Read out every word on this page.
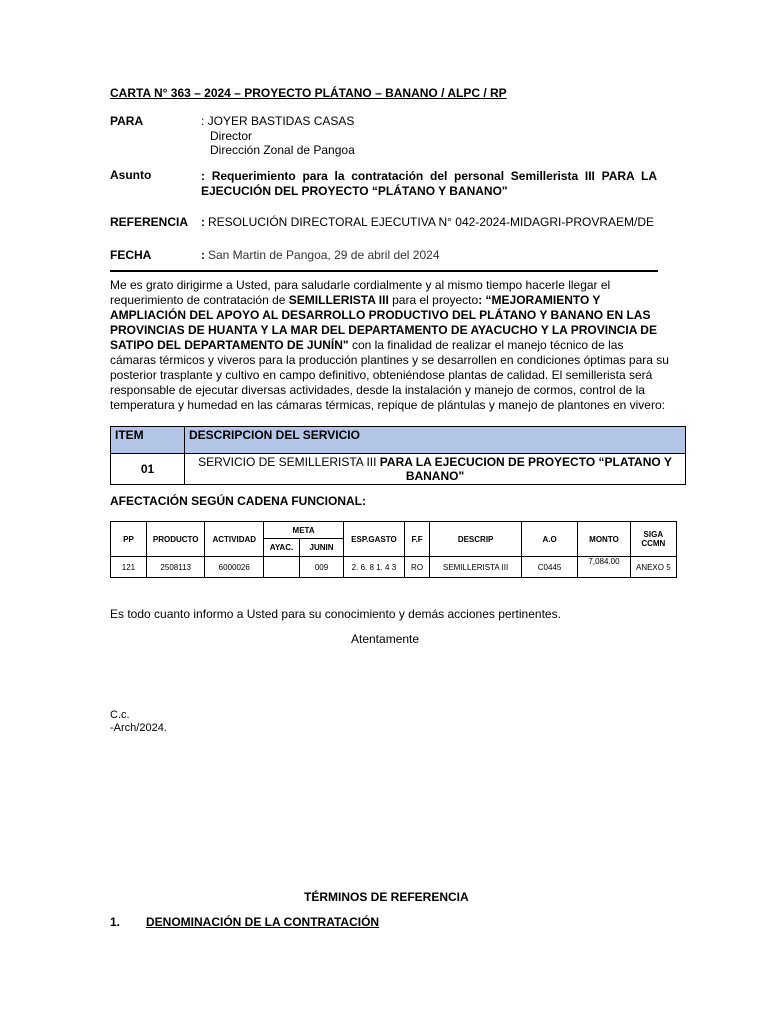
CARTA N° 363 – 2024 – PROYECTO PLÁTANO – BANANO / ALPC / RP
PARA	: JOYER BASTIDAS CASAS
Director
Dirección Zonal de Pangoa
Asunto	: Requerimiento para la contratación del personal Semillerista III PARA LA EJECUCIÓN DEL PROYECTO “PLÁTANO Y BANANO"
REFERENCIA : RESOLUCIÓN DIRECTORAL EJECUTIVA N° 042-2024-MIDAGRI-PROVRAEM/DE
FECHA	: San Martin de Pangoa, 29 de abril del 2024
Me es grato dirigirme a Usted, para saludarle cordialmente y al mismo tiempo hacerle llegar el
requerimiento de contratación de SEMILLERISTA III para el proyecto: “MEJORAMIENTO Y
AMPLIACIÓN DEL APOYO AL DESARROLLO PRODUCTIVO DEL PLÁTANO Y BANANO EN LAS
PROVINCIAS DE HUANTA Y LA MAR DEL DEPARTAMENTO DE AYACUCHO Y LA PROVINCIA DE
SATIPO DEL DEPARTAMENTO DE JUNÍN" con la finalidad de realizar el manejo técnico de las
cámaras térmicos y viveros para la producción plantines y se desarrollen en condiciones óptimas para su
posterior trasplante y cultivo en campo definitivo, obteniéndose plantas de calidad. El semillerista será
responsable de ejecutar diversas actividades, desde la instalación y manejo de cormos, control de la
temperatura y humedad en las cámaras térmicas, repique de plántulas y manejo de plantones en vivero:
ITEM	DESCRIPCION DEL SERVICIO
01	SERVICIO DE SEMILLERISTA III PARA LA EJECUCION DE PROYECTO “PLATANO Y BANANO"
AFECTACIÓN SEGÚN CADENA FUNCIONAL:
PP	PRODUCTO	ACTIVIDAD	META		ESP.GASTO	F.F	DESCRIP	A.O	MONTO	SIGA
CCMN
			AYAC.	JUNIN						
121	2508113	6000026		009	2. 6. 8 1. 4 3	RO	SEMILLERISTA III	C0445	7,084.00	ANEXO 5
Es todo cuanto informo a Usted para su conocimiento y demás acciones pertinentes.
Atentamente
C.c.
-Arch/2024.
TÉRMINOS DE REFERENCIA
1. DENOMINACIÓN DE LA CONTRATACIÓN
